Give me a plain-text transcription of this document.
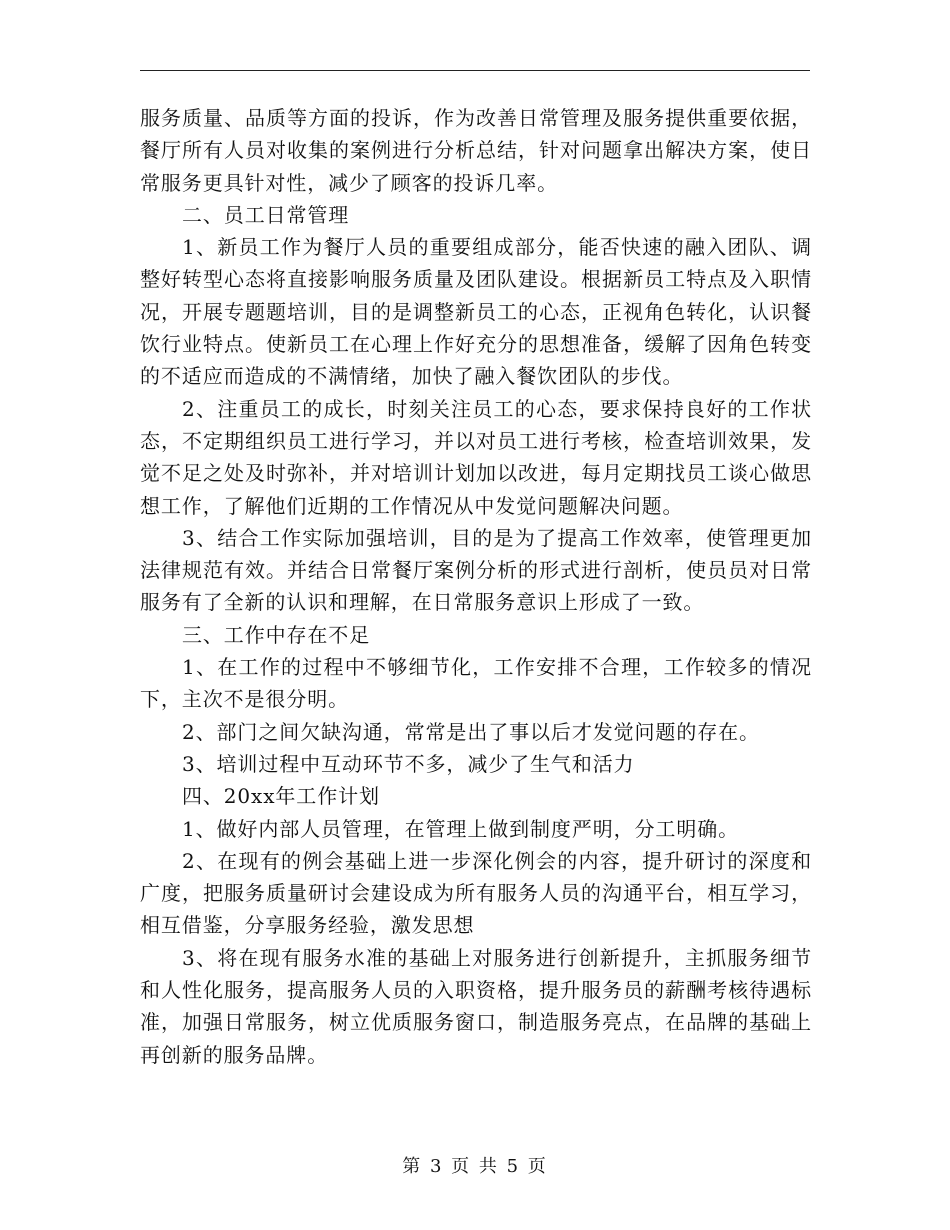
服务质量、品质等方面的投诉，作为改善日常管理及服务提供重要依据，餐厅所有人员对收集的案例进行分析总结，针对问题拿出解决方案，使日常服务更具针对性，减少了顾客的投诉几率。

二、员工日常管理

1、新员工作为餐厅人员的重要组成部分，能否快速的融入团队、调整好转型心态将直接影响服务质量及团队建设。根据新员工特点及入职情况，开展专题题培训，目的是调整新员工的心态，正视角色转化，认识餐饮行业特点。使新员工在心理上作好充分的思想准备，缓解了因角色转变的不适应而造成的不满情绪，加快了融入餐饮团队的步伐。

2、注重员工的成长，时刻关注员工的心态，要求保持良好的工作状态，不定期组织员工进行学习，并以对员工进行考核，检查培训效果，发觉不足之处及时弥补，并对培训计划加以改进，每月定期找员工谈心做思想工作，了解他们近期的工作情况从中发觉问题解决问题。

3、结合工作实际加强培训，目的是为了提高工作效率，使管理更加法律规范有效。并结合日常餐厅案例分析的形式进行剖析，使员员对日常服务有了全新的认识和理解，在日常服务意识上形成了一致。

三、工作中存在不足

1、在工作的过程中不够细节化，工作安排不合理，工作较多的情况下，主次不是很分明。

2、部门之间欠缺沟通，常常是出了事以后才发觉问题的存在。

3、培训过程中互动环节不多，减少了生气和活力

四、20xx年工作计划

1、做好内部人员管理，在管理上做到制度严明，分工明确。

2、在现有的例会基础上进一步深化例会的内容，提升研讨的深度和广度，把服务质量研讨会建设成为所有服务人员的沟通平台，相互学习，相互借鉴，分享服务经验，激发思想

3、将在现有服务水准的基础上对服务进行创新提升，主抓服务细节和人性化服务，提高服务人员的入职资格，提升服务员的薪酬考核待遇标准，加强日常服务，树立优质服务窗口，制造服务亮点，在品牌的基础上再创新的服务品牌。

第 3 页 共 5 页
